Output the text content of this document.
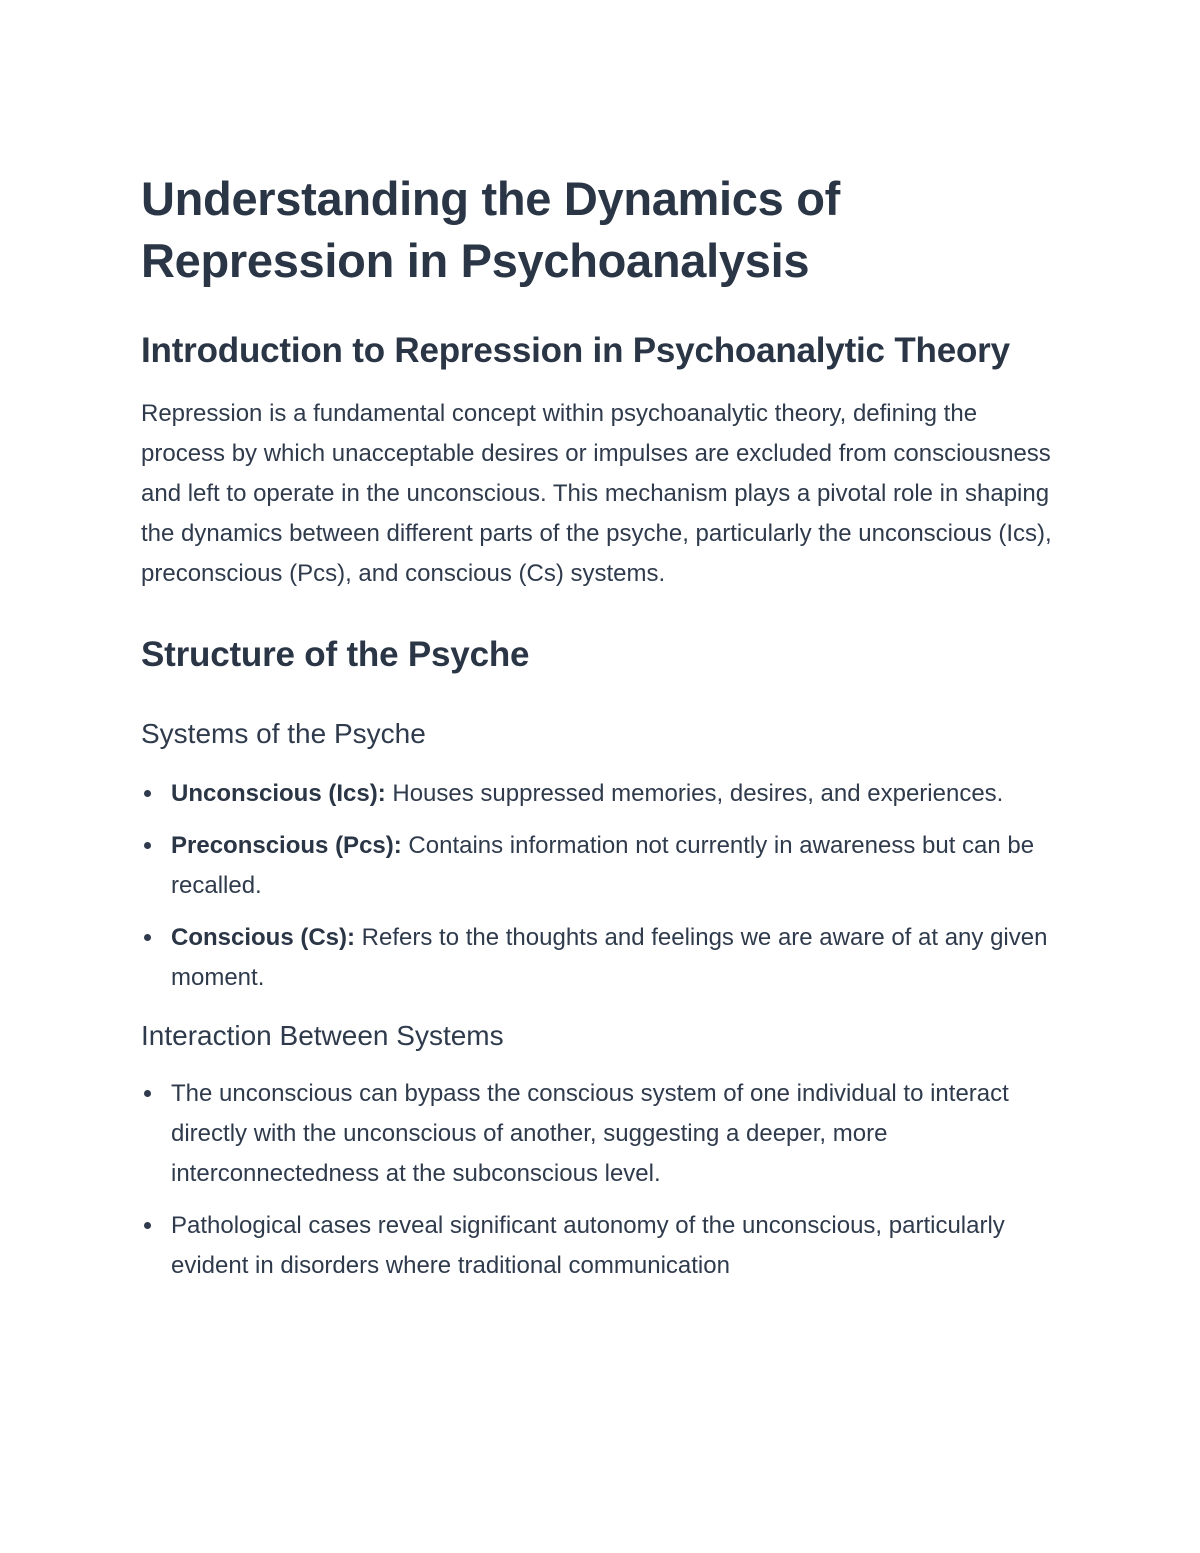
Understanding the Dynamics of Repression in Psychoanalysis
Introduction to Repression in Psychoanalytic Theory

Repression is a fundamental concept within psychoanalytic theory, defining the process by which unacceptable desires or impulses are excluded from consciousness and left to operate in the unconscious. This mechanism plays a pivotal role in shaping the dynamics between different parts of the psyche, particularly the unconscious (Ics), preconscious (Pcs), and conscious (Cs) systems.

Structure of the Psyche
Systems of the Psyche
Unconscious (Ics): Houses suppressed memories, desires, and experiences.
Preconscious (Pcs): Contains information not currently in awareness but can be recalled.
Conscious (Cs): Refers to the thoughts and feelings we are aware of at any given moment.
Interaction Between Systems
The unconscious can bypass the conscious system of one individual to interact directly with the unconscious of another, suggesting a deeper, more interconnectedness at the subconscious level.
Pathological cases reveal significant autonomy of the unconscious, particularly evident in disorders where traditional communication
